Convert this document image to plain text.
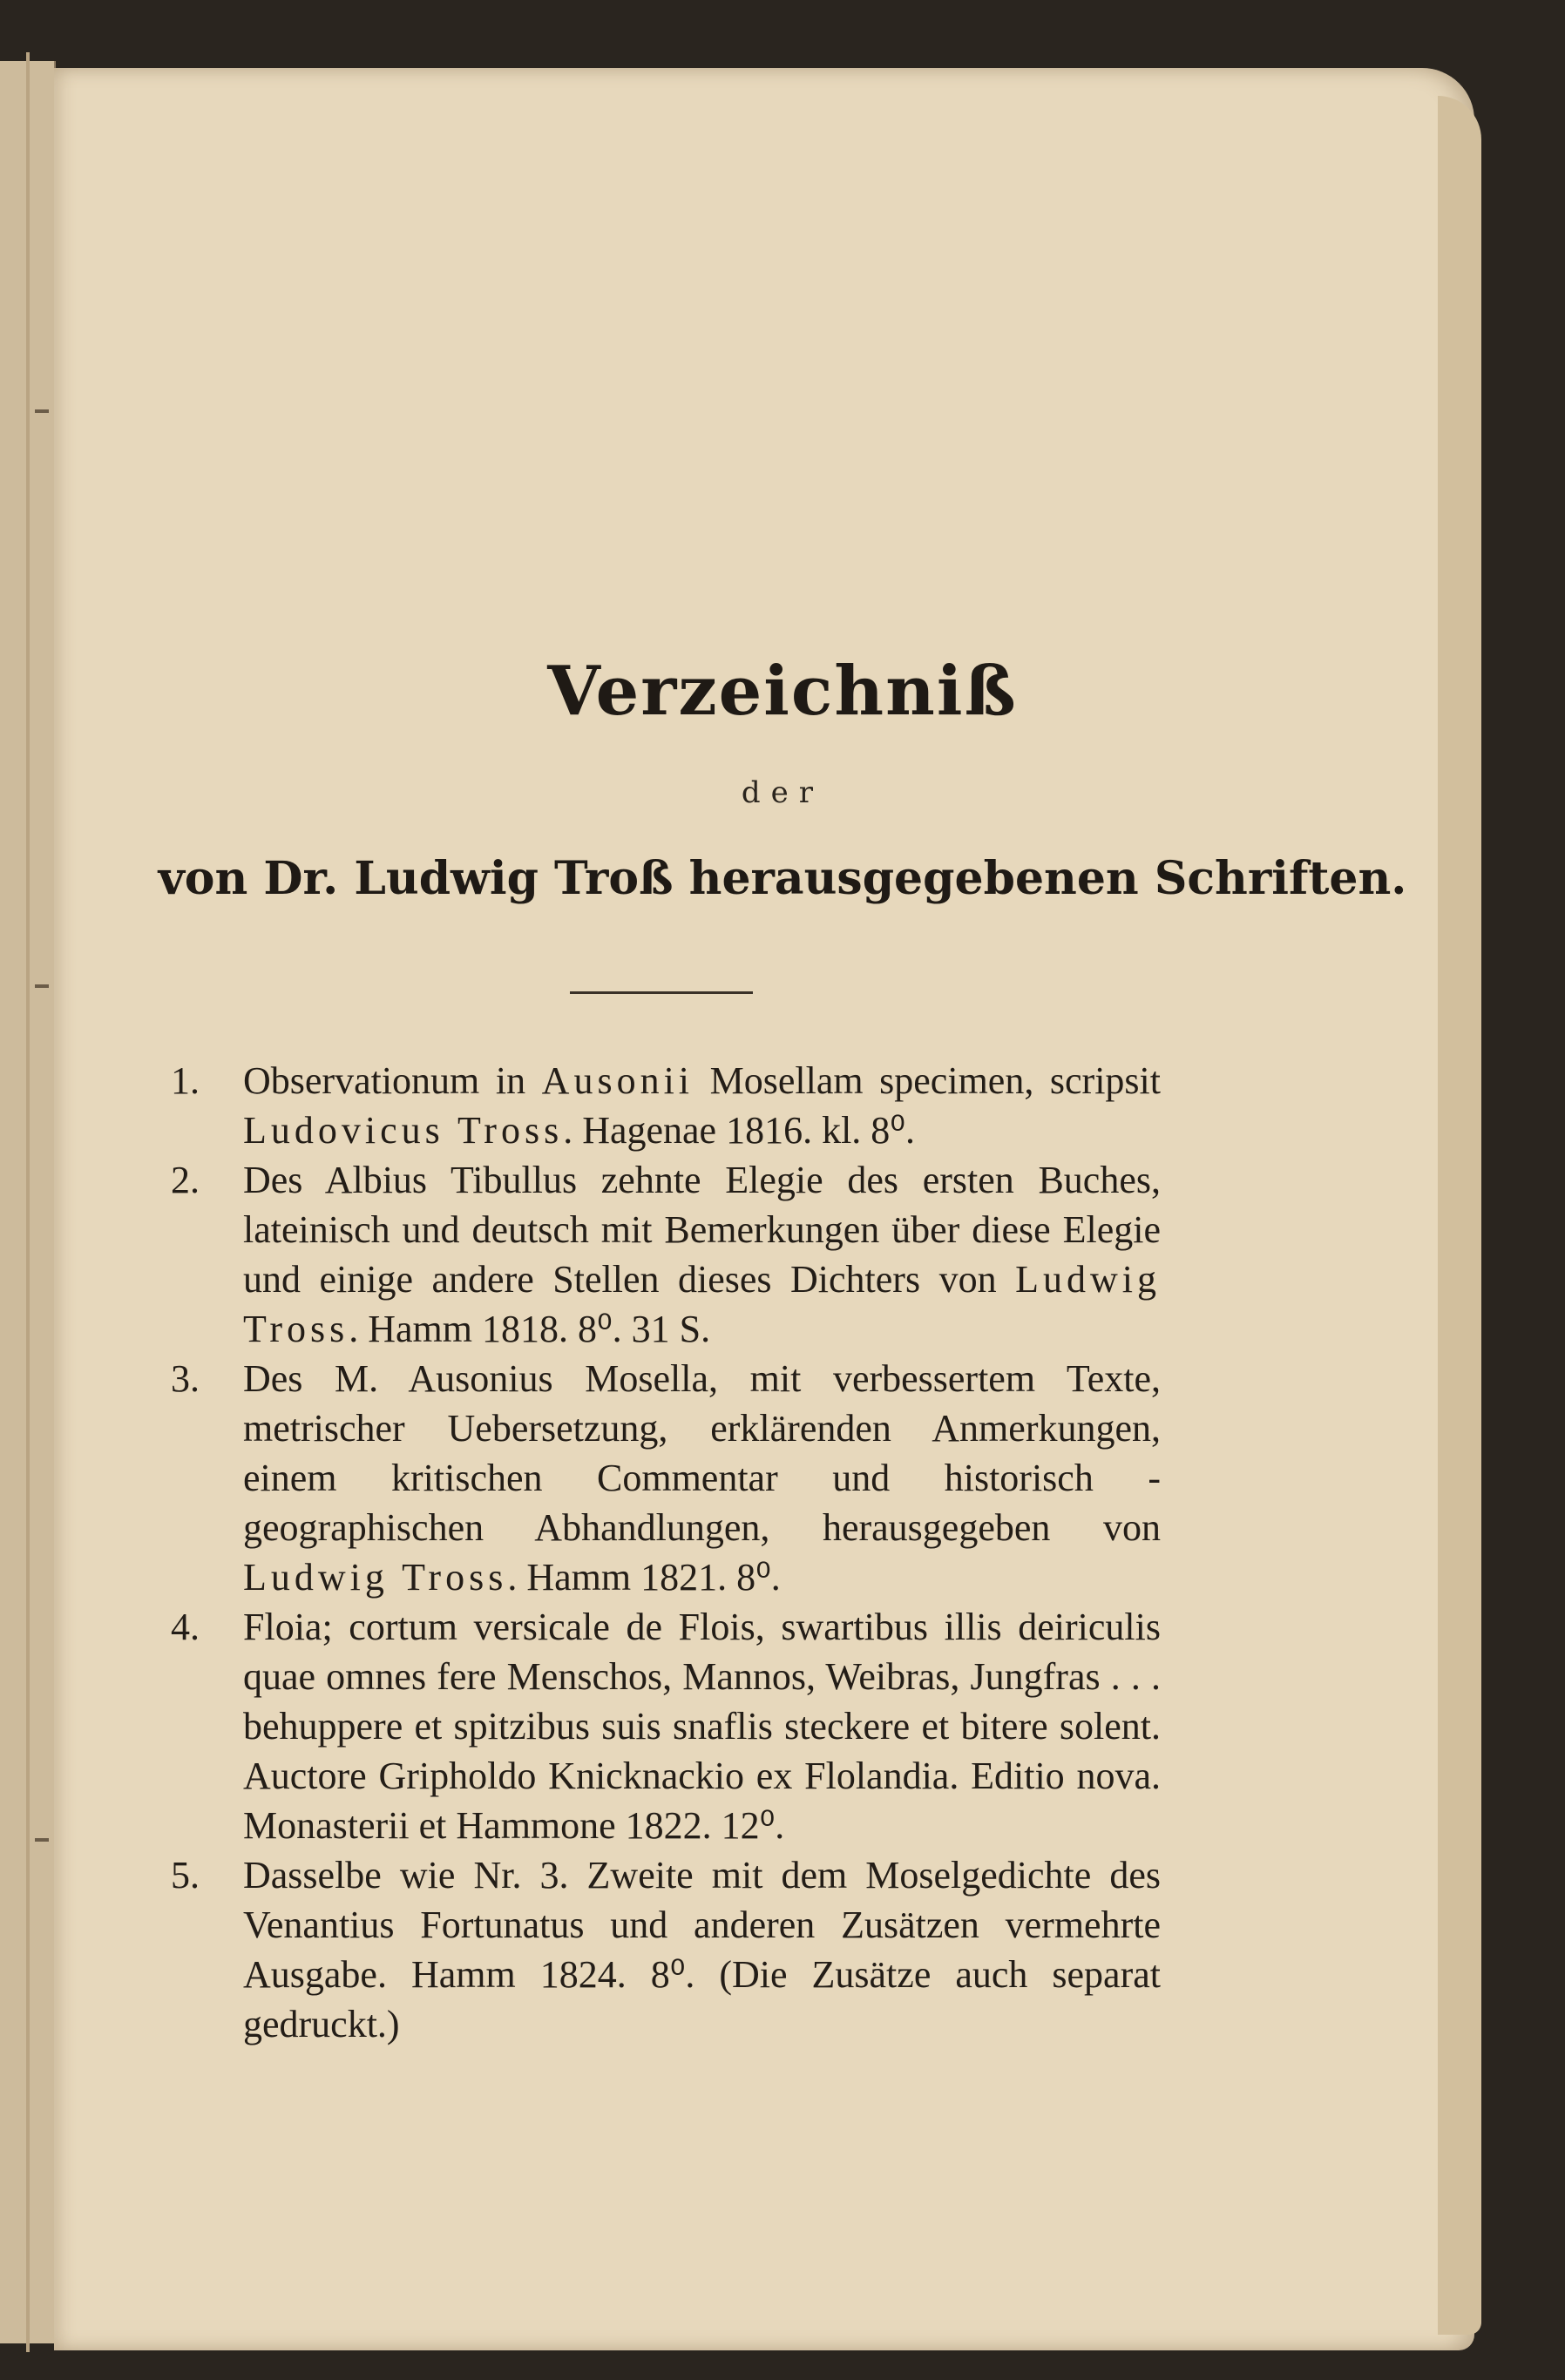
Verzeichniß
der
von Dr. Ludwig Troß herausgegebenen Schriften.
1. Observationum in Ausonii Mosellam specimen, scripsit Ludovicus Tross. Hagenae 1816. kl. 8⁰.
2. Des Albius Tibullus zehnte Elegie des ersten Buches, lateinisch und deutsch mit Bemerkungen über diese Elegie und einige andere Stellen dieses Dichters von Ludwig Tross. Hamm 1818. 8⁰. 31 S.
3. Des M. Ausonius Mosella, mit verbessertem Texte, metrischer Uebersetzung, erklärenden Anmerkungen, einem kritischen Commentar und historisch - geographischen Abhandlungen, herausgegeben von Ludwig Tross. Hamm 1821. 8⁰.
4. Floia; cortum versicale de Flois, swartibus illis deiriculis quae omnes fere Menschos, Mannos, Weibras, Jungfras . . . behuppere et spitzibus suis snaflis steckere et bitere solent. Auctore Gripholdo Knicknackio ex Flolandia. Editio nova. Monasterii et Hammone 1822. 12⁰.
5. Dasselbe wie Nr. 3. Zweite mit dem Moselgedichte des Venantius Fortunatus und anderen Zusätzen vermehrte Ausgabe. Hamm 1824. 8⁰. (Die Zusätze auch separat gedruckt.)
